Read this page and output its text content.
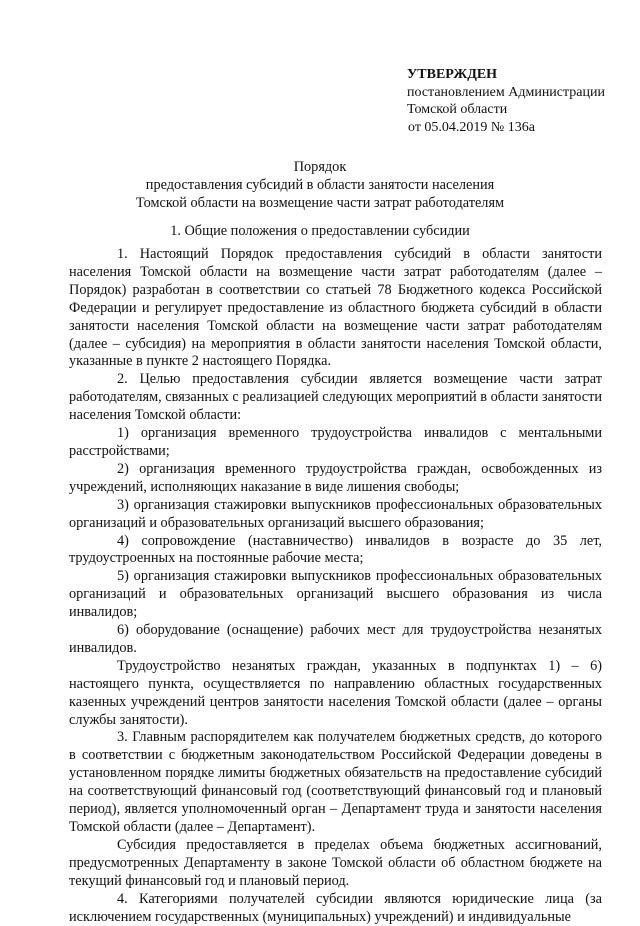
УТВЕРЖДЕН
постановлением Администрации
Томской области
от 05.04.2019 № 136а
Порядок
предоставления субсидий в области занятости населения
Томской области на возмещение части затрат работодателям
1. Общие положения о предоставлении субсидии

1. Настоящий Порядок предоставления субсидий в области занятости населения Томской области на возмещение части затрат работодателям (далее – Порядок) разработан в соответствии со статьей 78 Бюджетного кодекса Российской Федерации и регулирует предоставление из областного бюджета субсидий в области занятости населения Томской области на возмещение части затрат работодателям (далее – субсидия) на мероприятия в области занятости населения Томской области, указанные в пункте 2 настоящего Порядка.

2. Целью предоставления субсидии является возмещение части затрат работодателям, связанных с реализацией следующих мероприятий в области занятости населения Томской области:

1) организация временного трудоустройства инвалидов с ментальными расстройствами;

2) организация временного трудоустройства граждан, освобожденных из учреждений, исполняющих наказание в виде лишения свободы;

3) организация стажировки выпускников профессиональных образовательных организаций и образовательных организаций высшего образования;

4) сопровождение (наставничество) инвалидов в возрасте до 35 лет, трудоустроенных на постоянные рабочие места;

5) организация стажировки выпускников профессиональных образовательных организаций и образовательных организаций высшего образования из числа инвалидов;

6) оборудование (оснащение) рабочих мест для трудоустройства незанятых инвалидов.

Трудоустройство незанятых граждан, указанных в подпунктах 1) – 6) настоящего пункта, осуществляется по направлению областных государственных казенных учреждений центров занятости населения Томской области (далее – органы службы занятости).

3. Главным распорядителем как получателем бюджетных средств, до которого в соответствии с бюджетным законодательством Российской Федерации доведены в установленном порядке лимиты бюджетных обязательств на предоставление субсидий на соответствующий финансовый год (соответствующий финансовый год и плановый период), является уполномоченный орган – Департамент труда и занятости населения Томской области (далее – Департамент).

Субсидия предоставляется в пределах объема бюджетных ассигнований, предусмотренных Департаменту в законе Томской области об областном бюджете на текущий финансовый год и плановый период.

4. Категориями получателей субсидии являются юридические лица (за исключением государственных (муниципальных) учреждений) и индивидуальные
